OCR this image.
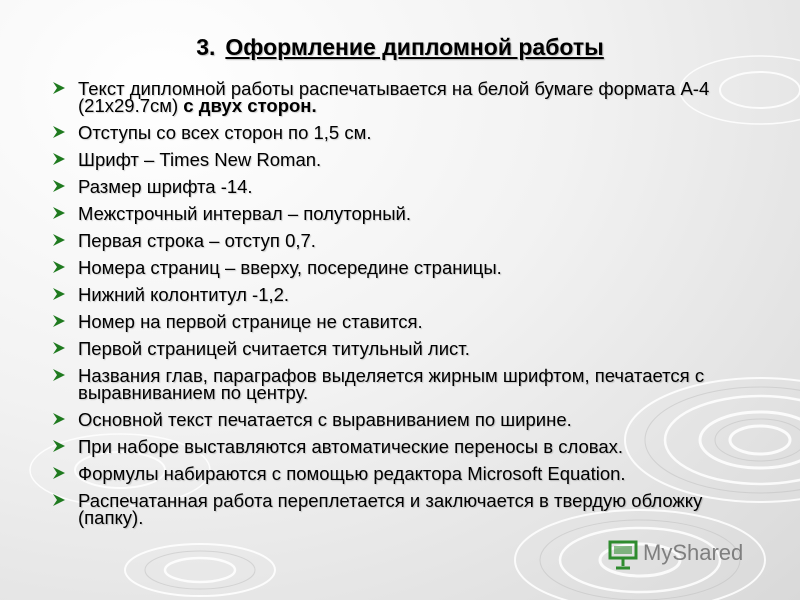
3. Оформление дипломной работы
Текст дипломной работы распечатывается на белой бумаге формата А-4 (21х29.7см) с двух сторон.
Отступы со всех сторон по 1,5 см.
Шрифт – Times New Roman.
Размер шрифта -14.
Межстрочный интервал – полуторный.
Первая строка – отступ 0,7.
Номера страниц – вверху, посередине страницы.
Нижний колонтитул -1,2.
Номер на первой странице не ставится.
Первой страницей считается титульный лист.
Названия глав, параграфов выделяется жирным шрифтом, печатается с выравниванием по центру.
Основной текст печатается с выравниванием по ширине.
При наборе выставляются автоматические переносы в словах.
Формулы набираются с помощью редактора Microsoft Equation.
Распечатанная работа переплетается и заключается в твердую обложку (папку).
MyShared
